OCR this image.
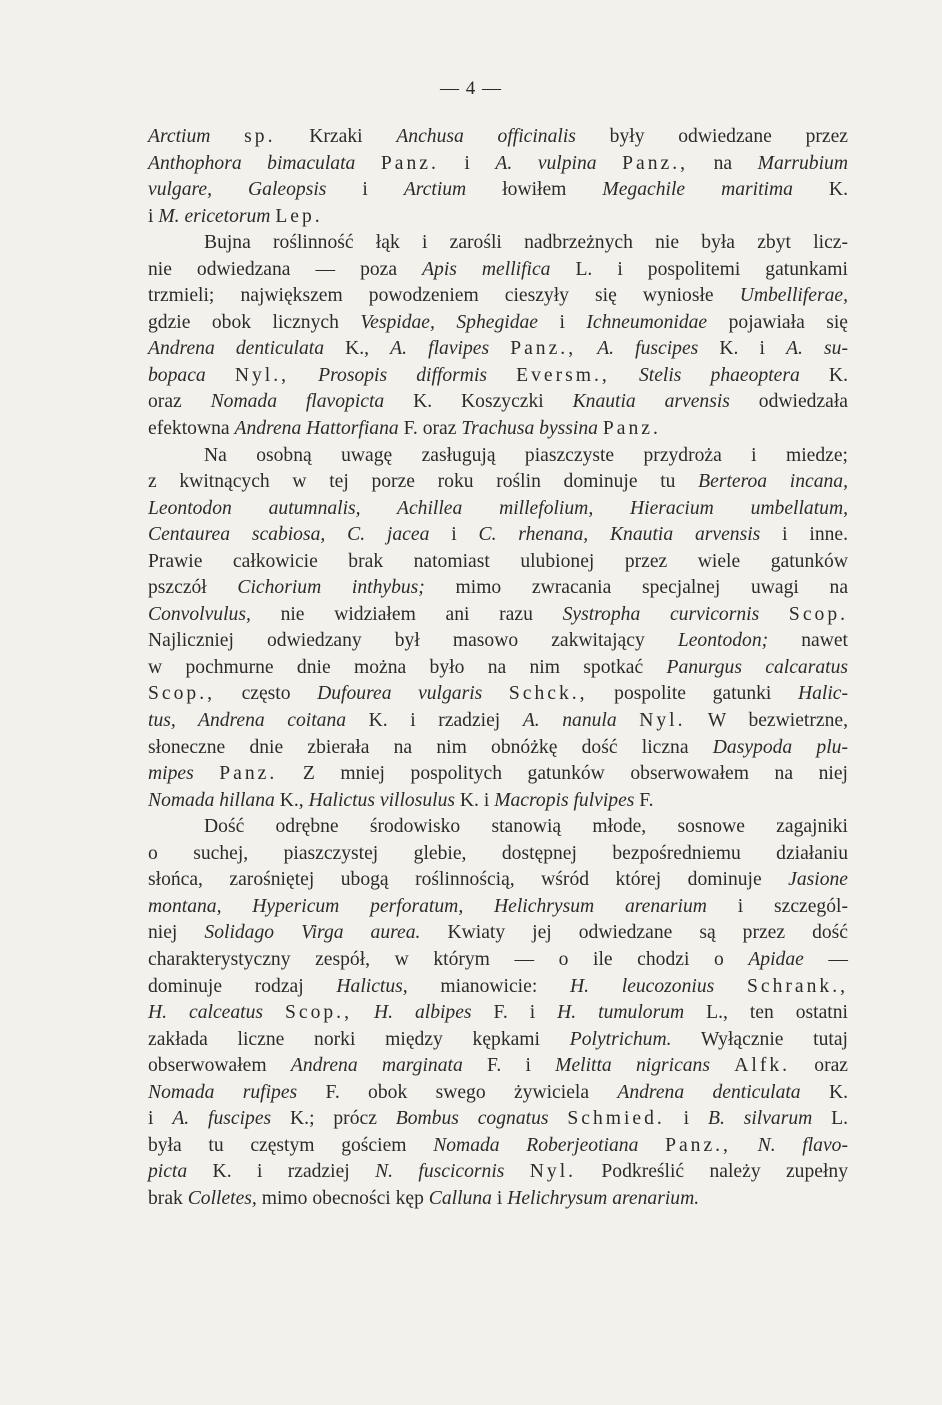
— 4 —
Arctium sp. Krzaki Anchusa officinalis były odwiedzane przez
Anthophora bimaculata Panz. i A. vulpina Panz., na Marrubium
vulgare, Galeopsis i Arctium łowiłem Megachile maritima K.
i M. ericetorum Lep.
Bujna roślinność łąk i zarośli nadbrzeżnych nie była zbyt licz-
nie odwiedzana — poza Apis mellifica L. i pospolitemi gatunkami
trzmieli; największem powodzeniem cieszyły się wyniosłe Umbelliferae,
gdzie obok licznych Vespidae, Sphegidae i Ichneumonidae pojawiała się
Andrena denticulata K., A. flavipes Panz., A. fuscipes K. i A. su-
bopaca Nyl., Prosopis difformis Eversm., Stelis phaeoptera K.
oraz Nomada flavopicta K. Koszyczki Knautia arvensis odwiedzała
efektowna Andrena Hattorfiana F. oraz Trachusa byssina Panz.
Na osobną uwagę zasługują piaszczyste przydroża i miedze;
z kwitnących w tej porze roku roślin dominuje tu Berteroa incana,
Leontodon autumnalis, Achillea millefolium, Hieracium umbellatum,
Centaurea scabiosa, C. jacea i C. rhenana, Knautia arvensis i inne.
Prawie całkowicie brak natomiast ulubionej przez wiele gatunków
pszczół Cichorium inthybus; mimo zwracania specjalnej uwagi na
Convolvulus, nie widziałem ani razu Systropha curvicornis Scop.
Najliczniej odwiedzany był masowo zakwitający Leontodon; nawet
w pochmurne dnie można było na nim spotkać Panurgus calcaratus
Scop., często Dufourea vulgaris Schck., pospolite gatunki Halic-
tus, Andrena coitana K. i rzadziej A. nanula Nyl. W bezwietrzne,
słoneczne dnie zbierała na nim obnóżkę dość liczna Dasypoda plu-
mipes Panz. Z mniej pospolitych gatunków obserwowałem na niej
Nomada hillana K., Halictus villosulus K. i Macropis fulvipes F.
Dość odrębne środowisko stanowią młode, sosnowe zagajniki
o suchej, piaszczystej glebie, dostępnej bezpośredniemu działaniu
słońca, zarośniętej ubogą roślinnością, wśród której dominuje Jasione
montana, Hypericum perforatum, Helichrysum arenarium i szczegól-
niej Solidago Virga aurea. Kwiaty jej odwiedzane są przez dość
charakterystyczny zespół, w którym — o ile chodzi o Apidae —
dominuje rodzaj Halictus, mianowicie: H. leucozonius Schrank.,
H. calceatus Scop., H. albipes F. i H. tumulorum L., ten ostatni
zakłada liczne norki między kępkami Polytrichum. Wyłącznie tutaj
obserwowałem Andrena marginata F. i Melitta nigricans Alfk. oraz
Nomada rufipes F. obok swego żywiciela Andrena denticulata K.
i A. fuscipes K.; prócz Bombus cognatus Schmied. i B. silvarum L.
była tu częstym gościem Nomada Roberjeotiana Panz., N. flavo-
picta K. i rzadziej N. fuscicornis Nyl. Podkreślić należy zupełny
brak Colletes, mimo obecności kęp Calluna i Helichrysum arenarium.
